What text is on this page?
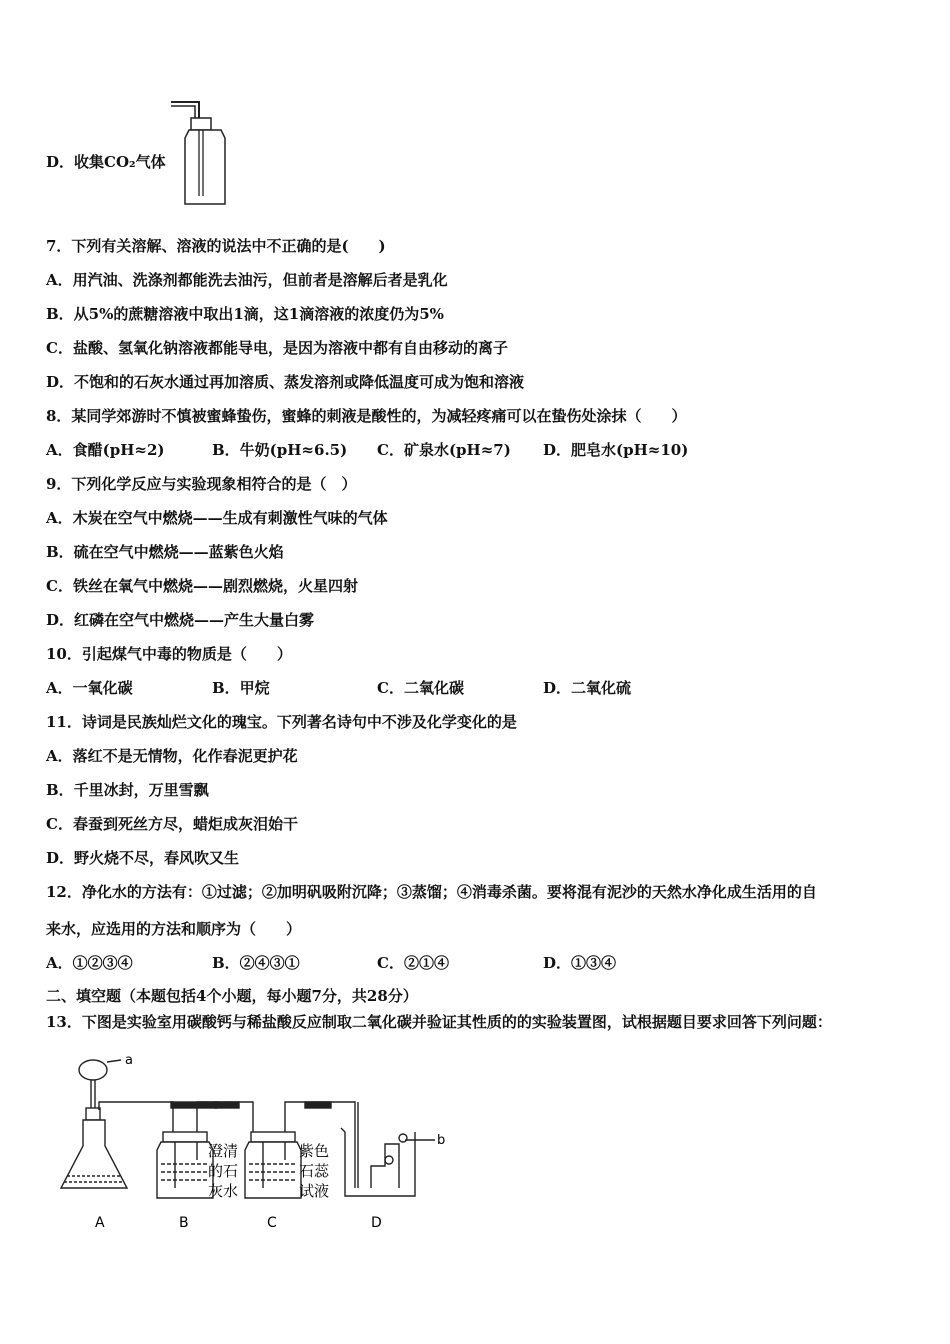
D．收集CO₂气体
7．下列有关溶解、溶液的说法中不正确的是(　　)
A．用汽油、洗涤剂都能洗去油污，但前者是溶解后者是乳化
B．从5%的蔗糖溶液中取出1滴，这1滴溶液的浓度仍为5%
C．盐酸、氢氧化钠溶液都能导电，是因为溶液中都有自由移动的离子
D．不饱和的石灰水通过再加溶质、蒸发溶剂或降低温度可成为饱和溶液
8．某同学郊游时不慎被蜜蜂蛰伤，蜜蜂的刺液是酸性的，为减轻疼痛可以在蛰伤处涂抹（　　）
A．食醋(pH≈2)	B．牛奶(pH≈6.5) C．矿泉水(pH≈7) D．肥皂水(pH≈10)
9．下列化学反应与实验现象相符合的是（　）
A．木炭在空气中燃烧——生成有刺激性气味的气体
B．硫在空气中燃烧——蓝紫色火焰
C．铁丝在氧气中燃烧——剧烈燃烧，火星四射
D．红磷在空气中燃烧——产生大量白雾
10．引起煤气中毒的物质是（　　）
A．一氧化碳	B．甲烷	C．二氧化碳	D．二氧化硫
11．诗词是民族灿烂文化的瑰宝。下列著名诗句中不涉及化学变化的是
A．落红不是无情物，化作春泥更护花
B．千里冰封，万里雪飘
C．春蚕到死丝方尽，蜡炬成灰泪始干
D．野火烧不尽，春风吹又生
12．净化水的方法有：①过滤；②加明矾吸附沉降；③蒸馏；④消毒杀菌。要将混有泥沙的天然水净化成生活用的自
来水，应选用的方法和顺序为（　　）
A．①②③④	B．②④③①	C．②①④	D．①③④
二、填空题（本题包括4个小题，每小题7分，共28分）
13．下图是实验室用碳酸钙与稀盐酸反应制取二氧化碳并验证其性质的的实验装置图，试根据题目要求回答下列问题：
a
b
澄清
的石
灰水
紫色
石蕊
试液
A	B	C	D
